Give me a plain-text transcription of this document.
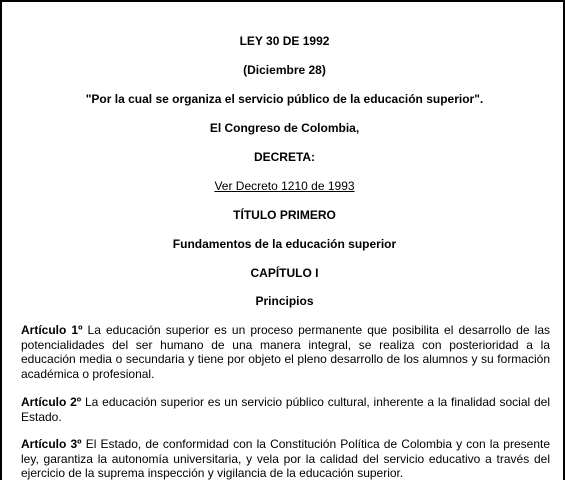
LEY 30 DE 1992

(Diciembre 28)

"Por la cual se organiza el servicio público de la educación superior".

El Congreso de Colombia,

DECRETA:

Ver Decreto 1210 de 1993

TÍTULO PRIMERO

Fundamentos de la educación superior

CAPÍTULO I

Principios

Artículo 1º La educación superior es un proceso permanente que posibilita el desarrollo de las potencialidades del ser humano de una manera integral, se realiza con posterioridad a la educación media o secundaria y tiene por objeto el pleno desarrollo de los alumnos y su formación académica o profesional.

Artículo 2º La educación superior es un servicio público cultural, inherente a la finalidad social del Estado.

Artículo 3º El Estado, de conformidad con la Constitución Política de Colombia y con la presente ley, garantiza la autonomía universitaria, y vela por la calidad del servicio educativo a través del ejercicio de la suprema inspección y vigilancia de la educación superior.
